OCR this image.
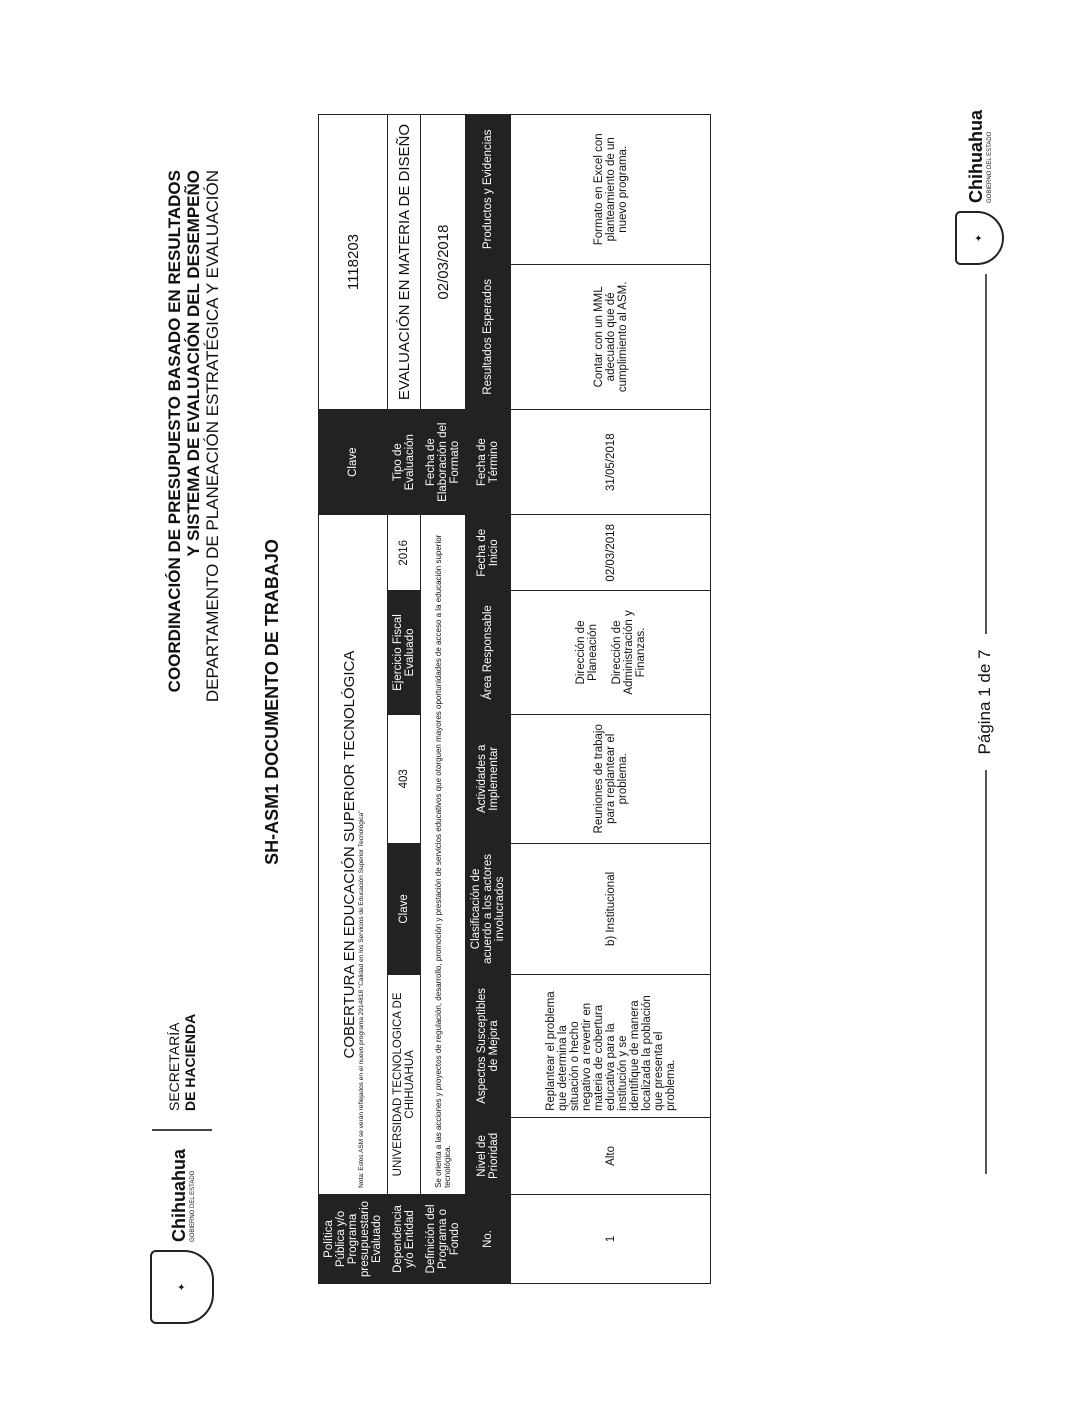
✦
Chihuahua GOBIERNO DEL ESTADO
SECRETARÍA DE HACIENDA
COORDINACIÓN DE PRESUPUESTO BASADO EN RESULTADOS Y SISTEMA DE EVALUACIÓN DEL DESEMPEÑO DEPARTAMENTO DE PLANEACIÓN ESTRATÉGICA Y EVALUACIÓN SH-ASM1 DOCUMENTO DE TRABAJO
Política Pública y/o Programa presupuestario Evaluado	COBERTURA EN EDUCACIÓN SUPERIOR TECNOLÓGICA Nota: Estos ASM se verán reflejados en el nuevo programa 2914818 "Calidad en los Servicios de Educación Superior Tecnológica"						Clave	1118203	
Dependencia y/o Entidad	UNIVERSIDAD TECNOLOGICA DE CHIHUAHUA		Clave	403	Ejercicio Fiscal Evaluado	2016	Tipo de Evaluación	EVALUACIÓN EN MATERIA DE DISEÑO	
Definición del Programa o Fondo	Se orienta a las acciones y proyectos de regulación, desarrollo, promoción y prestación de servicios educativos que otorguen mayores oportunidades de acceso a la educación superior tecnológica.						Fecha de Elaboración del Formato	02/03/2018	
No.	Nivel de Prioridad	Aspectos Susceptibles de Mejora	Clasificación de acuerdo a los actores involucrados	Actividades a Implementar	Área Responsable	Fecha de Inicio	Fecha de Término	Resultados Esperados	Productos y Evidencias
1	Alto	Replantear el problema que determina la situación o hecho negativo a revertir en materia de cobertura educativa para la institución y se identifique de manera localizada la población que presenta el problema.	b) Institucional	Reuniones de trabajo para replantear el problema.	Dirección de Planeación Dirección de Administración y Finanzas.	02/03/2018	31/05/2018	Contar con un MML adecuado que dé cumplimiento al ASM.	Formato en Excel con planteamiento de un nuevo programa.
Página 1 de 7
✦
Chihuahua GOBIERNO DEL ESTADO
